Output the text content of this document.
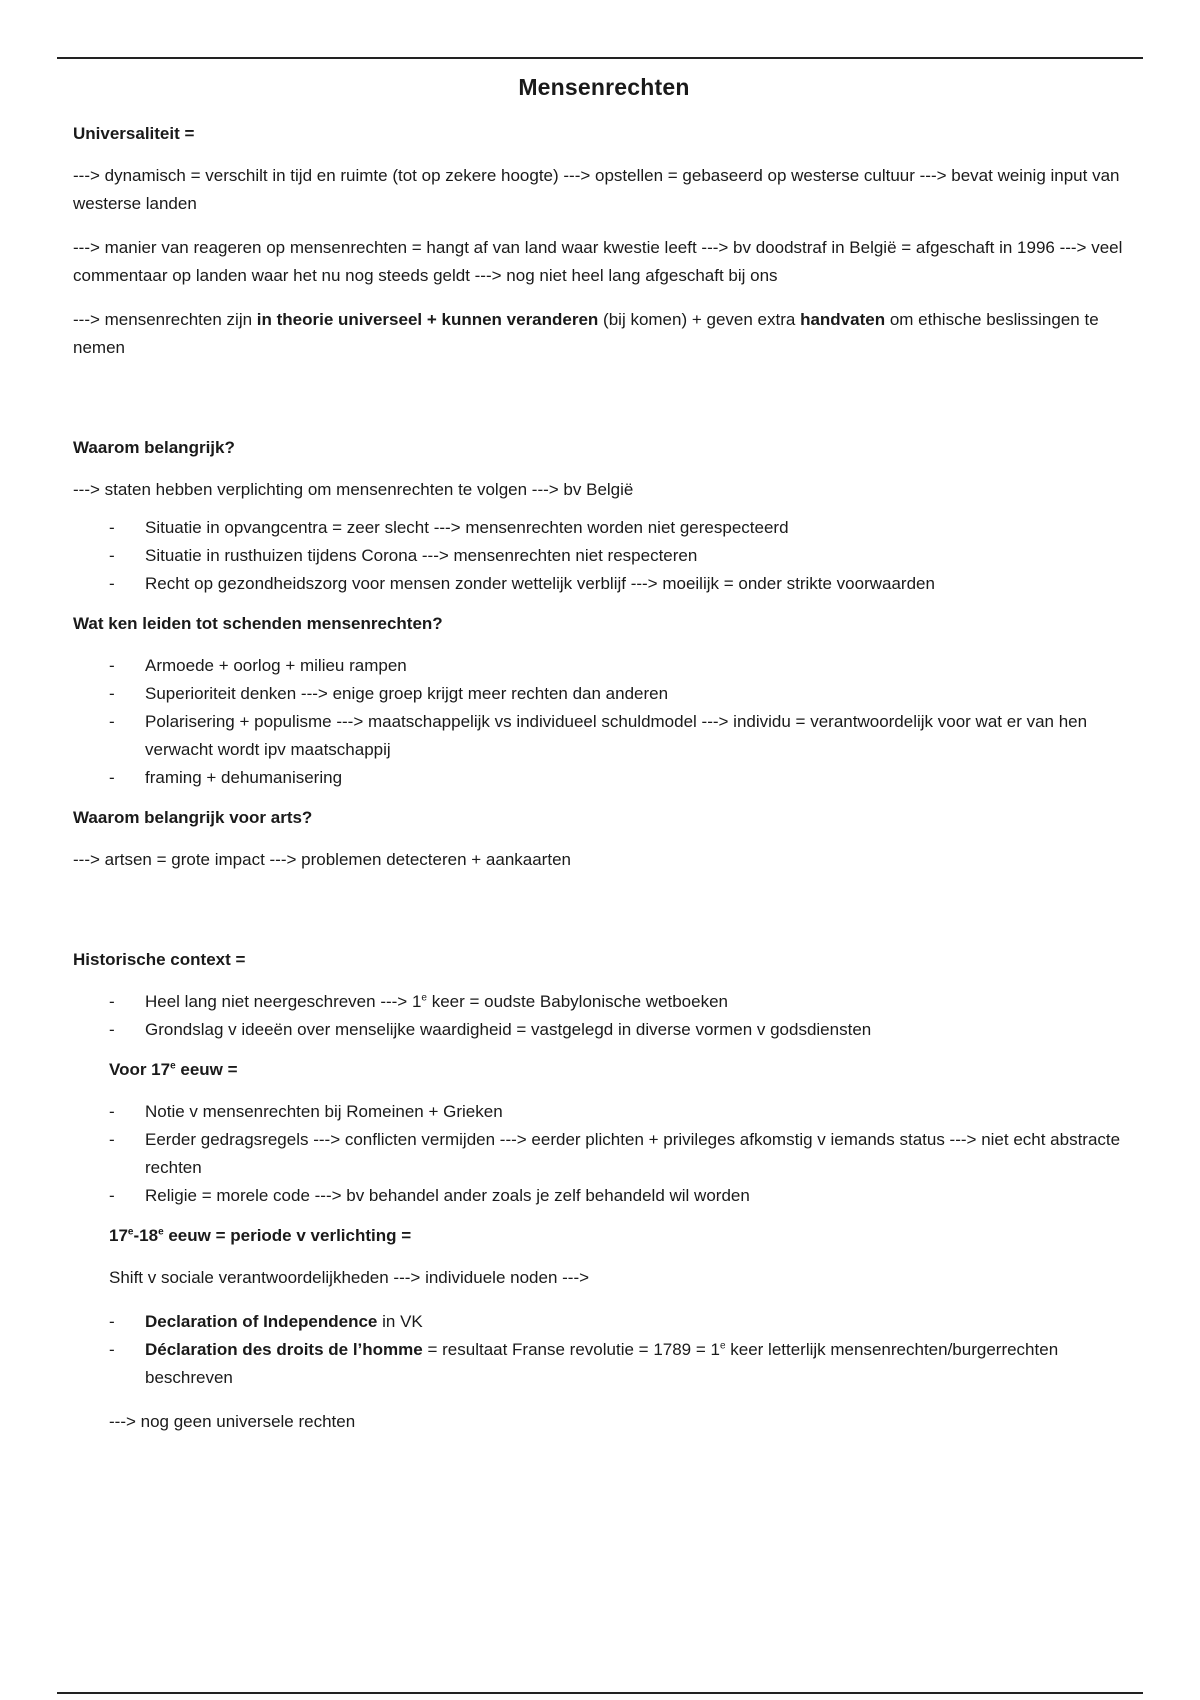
Mensenrechten
Universaliteit =
---> dynamisch = verschilt in tijd en ruimte (tot op zekere hoogte) ---> opstellen = gebaseerd op westerse cultuur ---> bevat weinig input van westerse landen
---> manier van reageren op mensenrechten = hangt af van land waar kwestie leeft ---> bv doodstraf in België = afgeschaft in 1996 ---> veel commentaar op landen waar het nu nog steeds geldt ---> nog niet heel lang afgeschaft bij ons
---> mensenrechten zijn in theorie universeel + kunnen veranderen (bij komen) + geven extra handvaten om ethische beslissingen te nemen
Waarom belangrijk?
---> staten hebben verplichting om mensenrechten te volgen ---> bv België
- Situatie in opvangcentra = zeer slecht ---> mensenrechten worden niet gerespecteerd
- Situatie in rusthuizen tijdens Corona ---> mensenrechten niet respecteren
- Recht op gezondheidszorg voor mensen zonder wettelijk verblijf ---> moeilijk = onder strikte voorwaarden
Wat ken leiden tot schenden mensenrechten?
- Armoede + oorlog + milieu rampen
- Superioriteit denken ---> enige groep krijgt meer rechten dan anderen
- Polarisering + populisme ---> maatschappelijk vs individueel schuldmodel ---> individu = verantwoordelijk voor wat er van hen verwacht wordt ipv maatschappij
- framing + dehumanisering
Waarom belangrijk voor arts?
---> artsen = grote impact ---> problemen detecteren + aankaarten
Historische context =
- Heel lang niet neergeschreven ---> $1^e$ keer = oudste Babylonische wetboeken
- Grondslag v ideeën over menselijke waardigheid = vastgelegd in diverse vormen v godsdiensten
Voor 17e eeuw =
- Notie v mensenrechten bij Romeinen + Grieken
- Eerder gedragsregels ---> conflicten vermijden ---> eerder plichten + privileges afkomstig v iemands status ---> niet echt abstracte rechten
- Religie = morele code ---> bv behandel ander zoals je zelf behandeld wil worden
17e-18e eeuw = periode v verlichting =
Shift v sociale verantwoordelijkheden ---> individuele noden --->
- Declaration of Independence in VK
- Déclaration des droits de l’homme = resultaat Franse revolutie = $1789 = 1^e$ keer letterlijk mensenrechten/burgerrechten beschreven
---> nog geen universele rechten
